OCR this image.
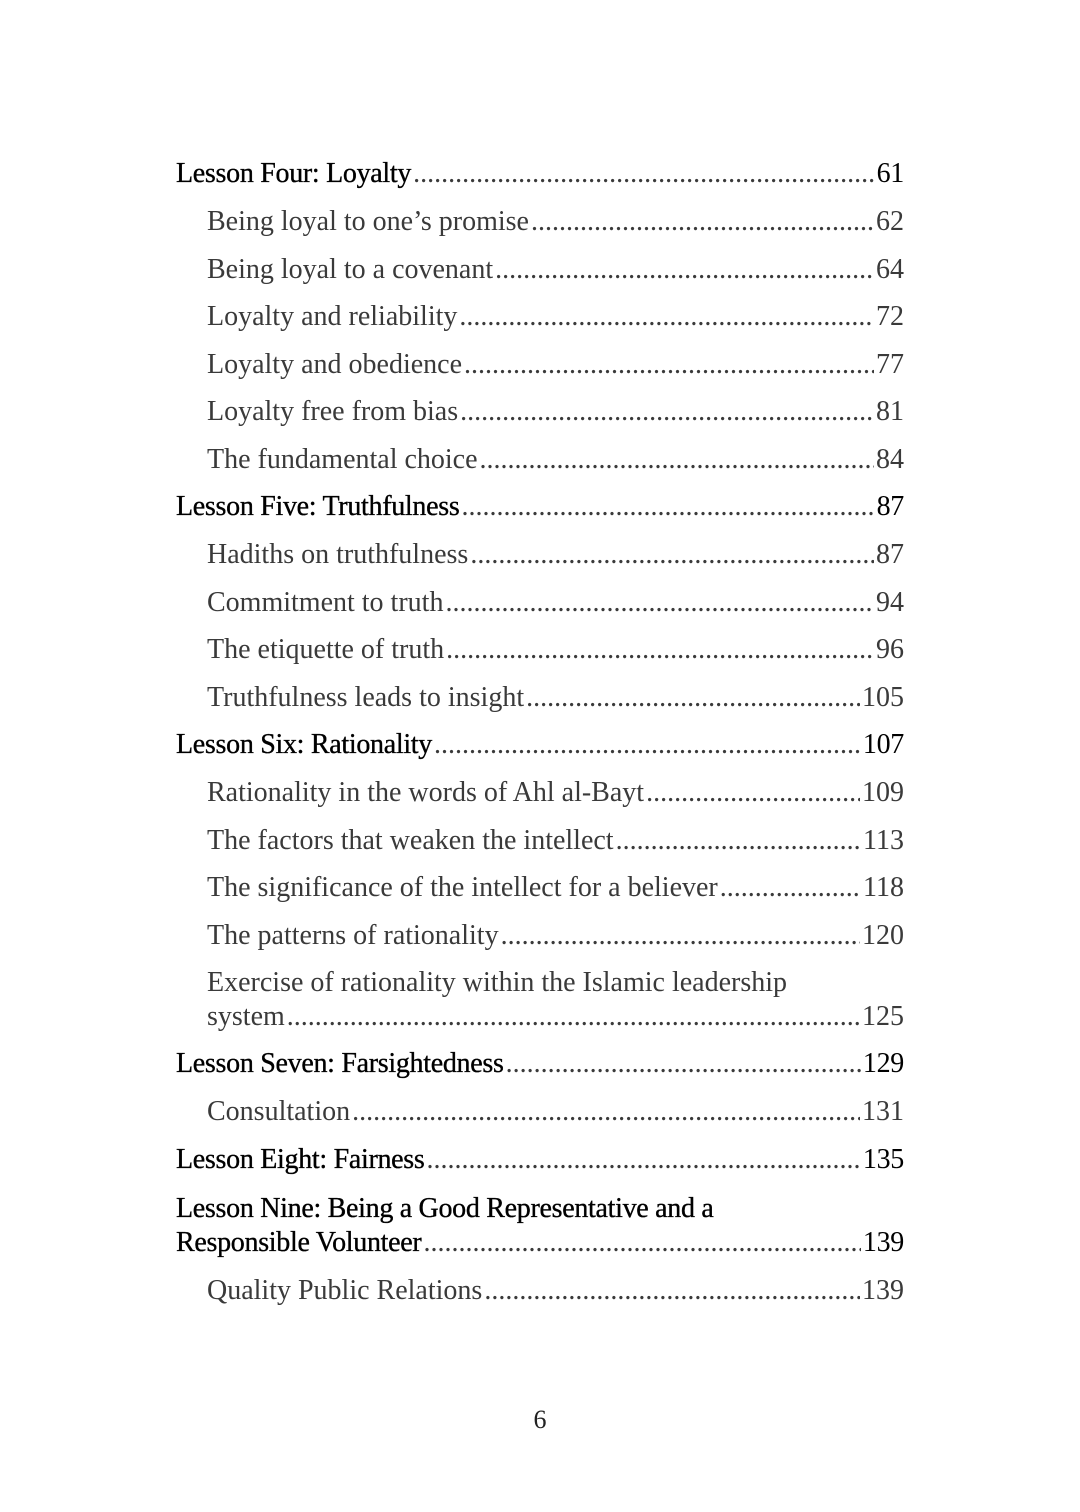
Lesson Four: Loyalty .....	61
Being loyal to one’s promise .....	62
Being loyal to a covenant .....	64
Loyalty and reliability .....	72
Loyalty and obedience .....	77
Loyalty free from bias .....	81
The fundamental choice .....	84
Lesson Five: Truthfulness .....	87
Hadiths on truthfulness .....	87
Commitment to truth .....	94
The etiquette of truth .....	96
Truthfulness leads to insight .....	105
Lesson Six: Rationality .....	107
Rationality in the words of Ahl al-Bayt .....	109
The factors that weaken the intellect .....	113
The significance of the intellect for a believer .....	118
The patterns of rationality .....	120
Exercise of rationality within the Islamic leadership
system .....	125
Lesson Seven: Farsightedness .....	129
Consultation .....	131
Lesson Eight: Fairness .....	135
Lesson Nine: Being a Good Representative and a
Responsible Volunteer .....	139
Quality Public Relations .....	139
6
